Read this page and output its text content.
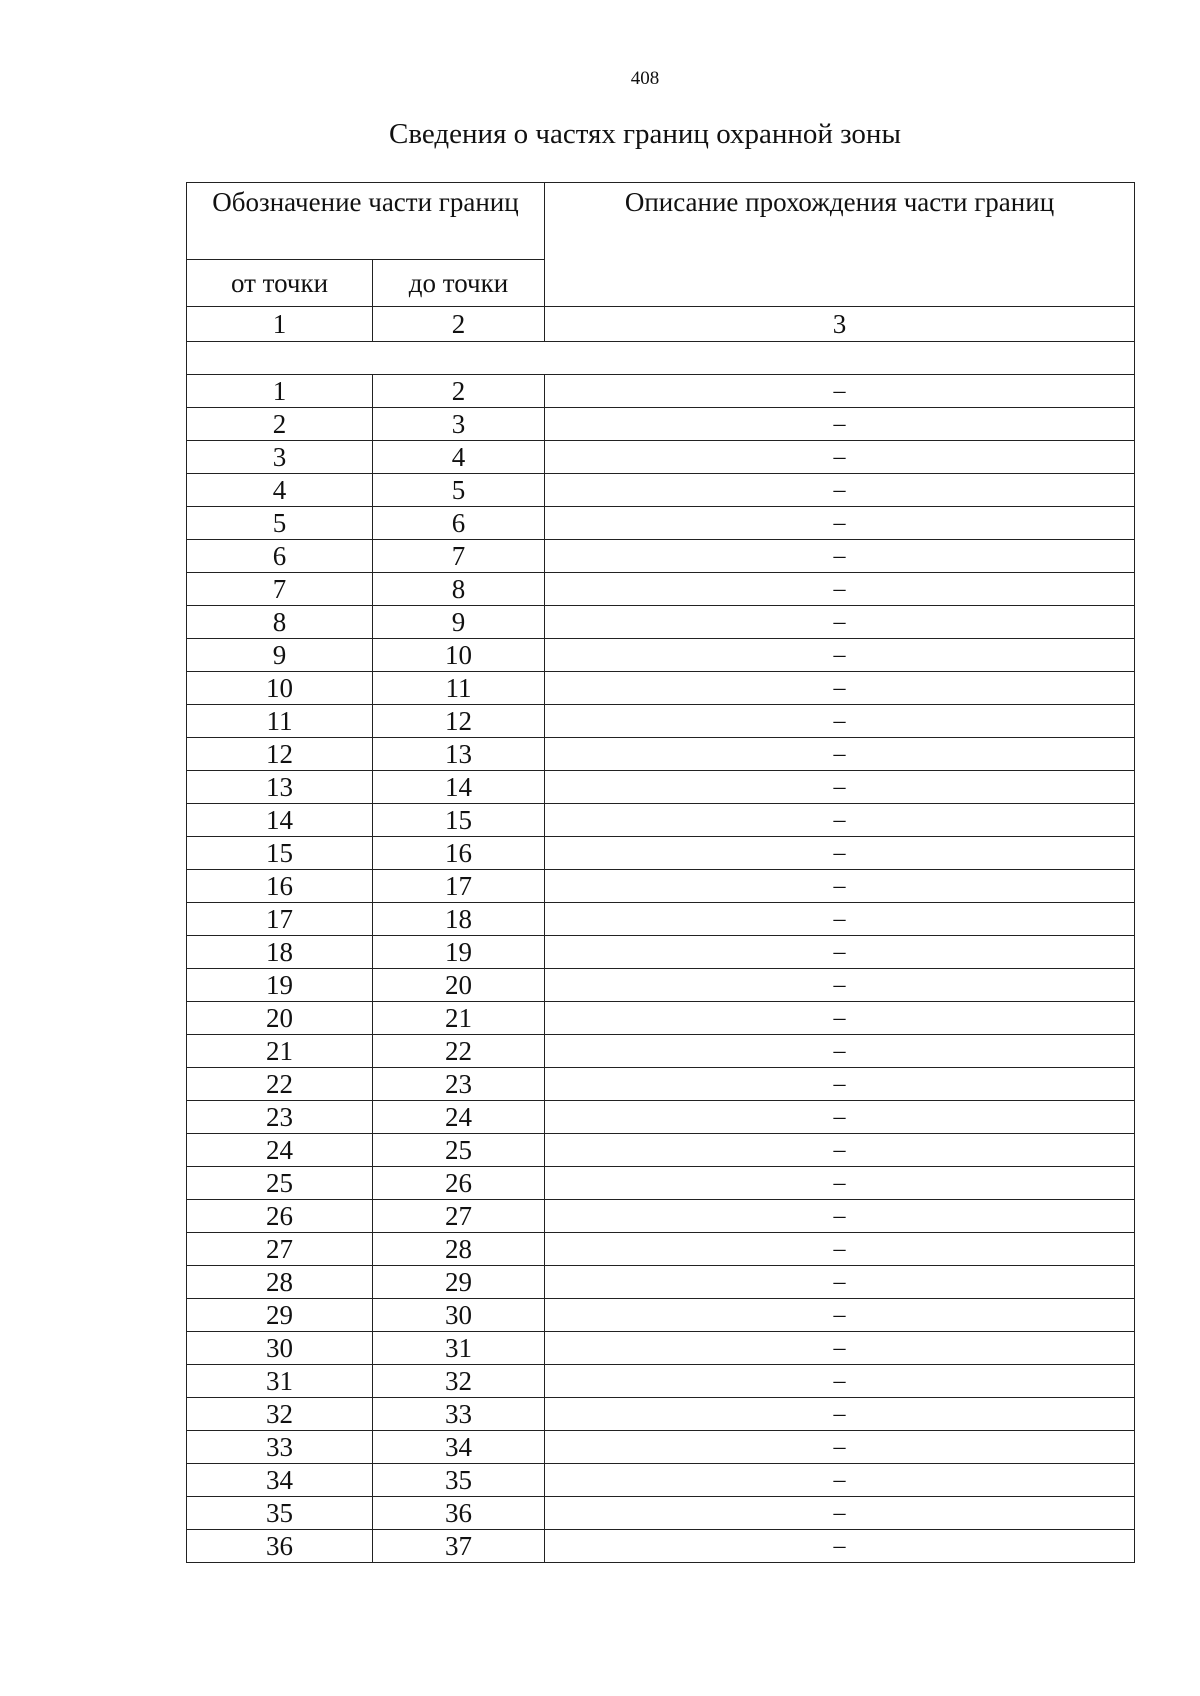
408
Сведения о частях границ охранной зоны
Обозначение части границ		Описание прохождения части границ
от точки	до точки	
1	2	3

1	2	–
2	3	–
3	4	–
4	5	–
5	6	–
6	7	–
7	8	–
8	9	–
9	10	–
10	11	–
11	12	–
12	13	–
13	14	–
14	15	–
15	16	–
16	17	–
17	18	–
18	19	–
19	20	–
20	21	–
21	22	–
22	23	–
23	24	–
24	25	–
25	26	–
26	27	–
27	28	–
28	29	–
29	30	–
30	31	–
31	32	–
32	33	–
33	34	–
34	35	–
35	36	–
36	37	–
